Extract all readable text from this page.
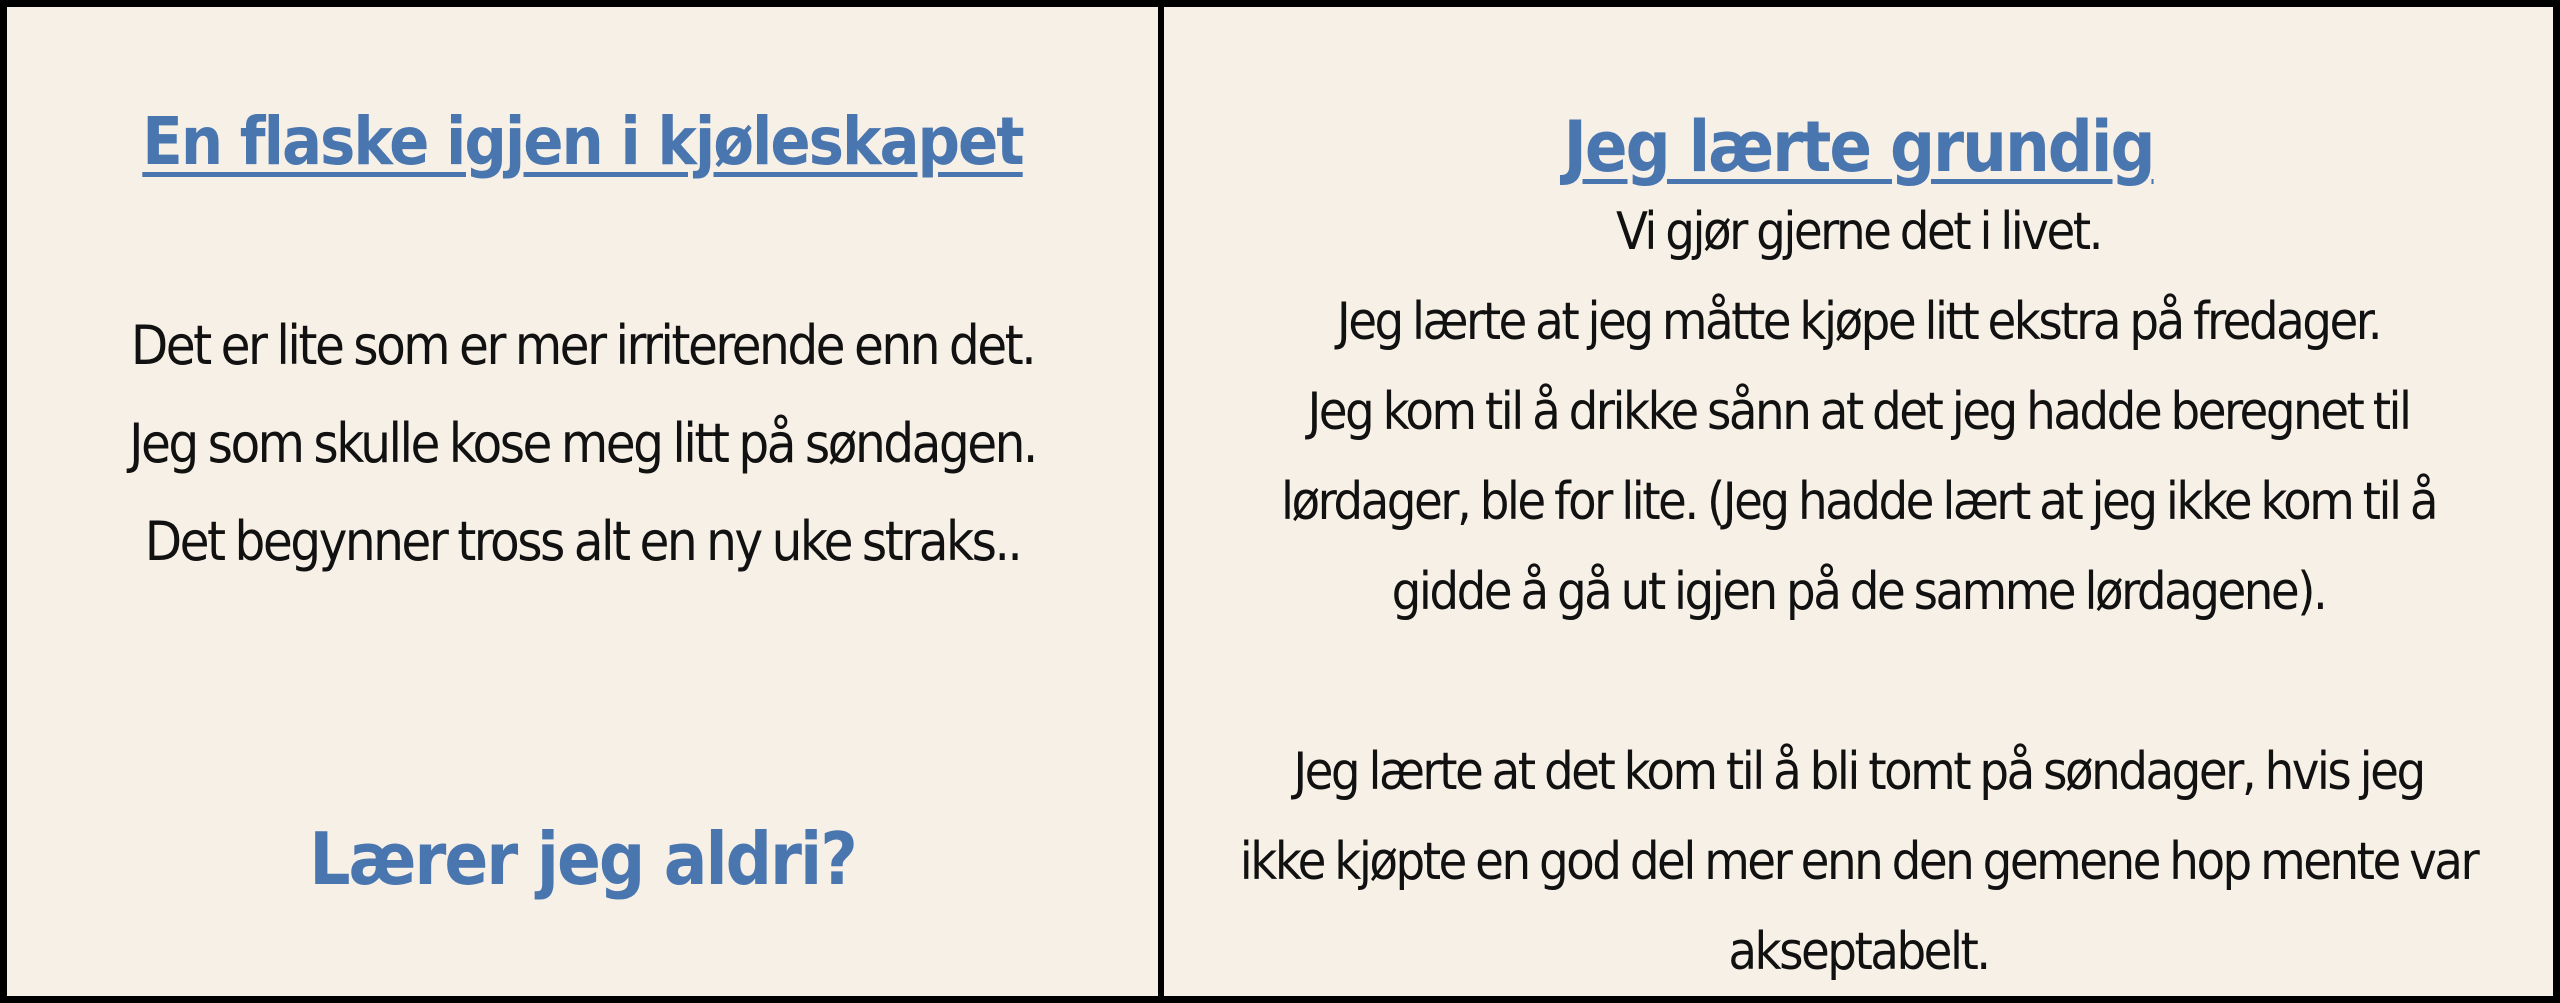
En flaske igjen i kjøleskapet

Det er lite som er mer irriterende enn det.

Jeg som skulle kose meg litt på søndagen.

Det begynner tross alt en ny uke straks..

Lærer jeg aldri?
Jeg lærte grundig

Vi gjør gjerne det i livet.

Jeg lærte at jeg måtte kjøpe litt ekstra på fredager.

Jeg kom til å drikke sånn at det jeg hadde beregnet til

lørdager, ble for lite. (Jeg hadde lært at jeg ikke kom til å

gidde å gå ut igjen på de samme lørdagene).

Jeg lærte at det kom til å bli tomt på søndager, hvis jeg

ikke kjøpte en god del mer enn den gemene hop mente var

akseptabelt.
